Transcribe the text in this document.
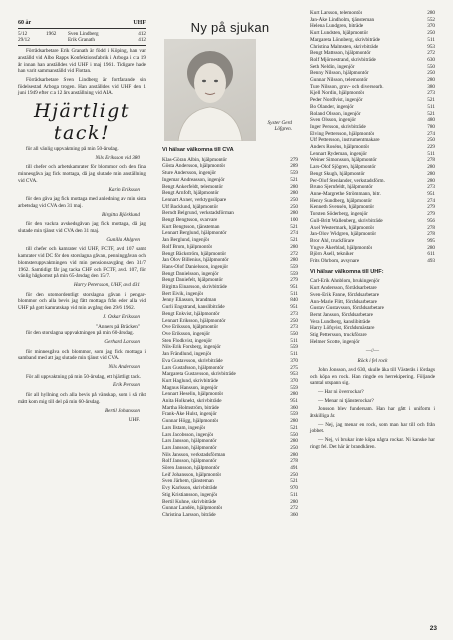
60 år	UHF
5/12	1962	Sven Lindberg	412
29/12	Erik Granath	412

Förrådsarbetare Erik Granath är född i Köping, han var anställd vid Albo Rapps Konfektionsfabrik i Arboga i c:a 19 år innan han anställdes vid UHF i maj 1961. Tidigare hade han varit sammanställd vid Flottan.

Förrådsarbetare Sven Lindberg är fortfarande sin födelsestad Arboga trogen. Han anställdes vid UHF den 1 juni 1949 efter c:a 12 års anställning vid AIA.

Hjärtligt tack!

för all vänlig uppvaktning på min 50-årsdag.

Nils Eriksson vid 380

till chefer och arbetskamrater för blommor och den fina minnesgåva jag fick mottaga, då jag slutade min anställning vid CVA.

Karin Eriksson

för den gåva jag fick mottaga med anledning av min sista arbetsdag vid CVA den 31 maj.

Birgitta Björklund

för den vackra avskedsgåvan jag fick mottaga, då jag slutade min tjänst vid CVA den 31 maj.

Gunilla Ahlgren

till chefer och kamrater vid UHF, FCTF, avd 107 samt kamrater vid DC för den storslagna gåvan, penninggåvan och blomsteruppvaktningen vid min pensionsavgång den 31/7 1962. Samtidigt får jag tacka CHF och FCTF, avd. 107, för vänlig hågkomst på min 65-årsdag den 15/7.

Harry Petersson, UHF, avd 431

för den utomordentligt storslagna gåvan i pengar-blommor och alla bevis jag fått mottaga från eder alla vid UHF på gott kamratskap vid min avgång den 29/6 1962.

J. Oskar Eriksson
"Anners på Bräcken"

för den storslagna uppvaktningen på min 60-årsdag.

Gerhard Larsson

för minnesgåva och blommor, som jag fick mottaga i samband med att jag slutade min tjänst vid CVA.

Nils Andersson

För all uppvaktning på min 50-årsdag, ett hjärtligt tack.

Erik Persson

för all hyllning och alla bevis på vänskap, som i så rikt mått kom mig till del på min 60-årsdag.

Bertil Johansson
UHF.
Ny på sjukan
Syster Gerd
Löfgren.
Vi hälsar välkomna till CVA
Klas-Göran Albin, hjälpmontör	279
Gösta Andersson, hjälpmontör	289
Sture Andersson, ingenjör	559
Ingemar Andreasson, ingenjör	521
Bengt Ankerfeldt, telemontör	280
Bengt Arnfoft, hjälpmontör	280
Lennart Axner, verktygsslipare	250
Ulf Backlund, hjälpmontör	250
Berndt Belgrund, verkstadsförman	280
Bengt Bengtsson, svarvare	100
Kurt Bengtsson, tjänsteman	521
Lennart Berglund, hjälpmontör	274
Jan Berglund, ingenjör	521
Rolf Brom, hjälpmontör	280
Bengt Bäckström, hjälpmontör	272
Jan Olov Billenius, hjälpmontör	280
Hans-Olof Danielsson, ingenjör	559
Bengt Danielsson, ingenjör	559
Bengt Daniefelt, hjälpmontör	279
Birgitta Einarsson, skrivbiträde	951
Bert Eivik, ingenjör	511
Jenny Eliasson, brandman	840
Gurli Engstrand, kanslibiträde	951
Bengt Enkvist, hjälpmontör	273
Lennart Eriksson, hjälpmontör	250
Ove Eriksson, hjälpmontör	273
Ove Eriksson, ingenjör	550
Sten Flodkvist, ingenjör	511
Nils-Erik Forsberg, ingenjör	559
Jan Frändlund, ingenjör	511
Eva Gustavsson, skrivbiträde	370
Lars Gustafsson, hjälpmontör	275
Margareta Gustavsson, skrivbiträde	953
Kurt Haglund, skrivbiträde	370
Magnus Hansson, ingenjör	559
Lennart Heselin, hjälpmontör	280
Anita Holknekt, skrivbiträde	951
Martha Holmström, biträde	360
Frank-Åke Hulst, ingenjör	559
Gunnar Högg, hjälpmontör	280
Lars Ilstam, ingenjör	521
Lars Jacobsson, ingenjör	550
Lars Jansson, hjälpmontör	280
Lars Jansson, hjälpmontör	250
Nils Jansson, verkstadsförman	280
Rolf Jansson, hjälpmontör	278
Sören Jansson, hjälpmontör	491
Leif Johansson, hjälpmontör	250
Sven Järhem, tjänsteman	521
Evy Karlsson, skrivbiträde	970
Stig Kristiansson, ingenjör	511
Bertil Kuhne, skrivbiträde	280
Gunnar Landén, hjälpmontör	272
Christina Larsson, biträde	360
Kurt Larsson, telemontör	280
Jan-Åke Lindholm, tjänsteman	552
Helena Lundgren, biträde	370
Kurt Lundsten, hjälpmontör	250
Margareta Lönnberg, skrivbiträde	511
Christina Malmsten, skrivbiträde	953
Bengt Mattsson, hjälpmontör	272
Rolf Mjörnestrand, skrivbiträde	630
Seth Neldin, ingenjör	550
Benny Nilsson, hjälpmontör	250
Gunnar Nilsson, telemontör	280
Ture Nilsson, gruv- och diversearb.	380
Kjell Nordin, hjälpmontör	273
Peder Nordlvist, ingenjör	521
Bo Olander, ingenjör	511
Roland Olsson, ingenjör	521
Sven Olsson, ingenjör	480
Inger Persson, skrivbiträde	780
Elving Pettersson, hjälpmontör	274
Ulf Pettersson, instrumentmakare	250
Anders Roséns, hjälpmontör	229
Lennart Rydeman, ingenjör	511
Weiner Simonsson, hjälpmontör	278
Lars-Olof Sjögren, hjälpmontör	280
Bengt Skugh, hjälpmontör	280
Per-Olof Stenlander, verkstadsförm.	280
Bruno Sjernfeldt, hjälpmontör	273
Anne-Margrethe Strömmann, bitr.	951
Henry Sundberg, hjälpmontör	274
Kenneth Svensén, hjälpmontör	279
Torsten Söderberg, ingenjör	279
Gull-Britt Wallenberg, skrivbiträde	956
Axel Westermark, hjälpmontör	278
Jan-Olov Widgren, hjälpmontör	278
Bror Åhl, truckförare	995
Yngve Åkerblad, hjälpmontör	280
Björn Åsell, tekniker	611
Frits Öhrbom, avsynare	493
Vi hälsar välkomna till UHF:
Carl-Erik Ahnblom, brukingenjör
Kurt Andersson, förrådsarbetare
Sven-Erik Fanne, förrådsarbetare
Ann-Marie Flitt, förrådsarbetare
Gustav Gustavsson, förrådsarbetare
Bernt Jansson, förrådsarbetare
Vera Lundberg, kanslibiträde
Harry Löfqvist, förrådsmästare
Stig Pettersson, truckförare
Helmer Scotte, ingenjör
—//—
Röck i fel rock

John Jonsson, avd 630, skulle åka till Västerås i lördags och köpa en rock. Han ringde en herrekipering. Följande samtal utspann sig.

— Har ni överrockar?

— Menar ni tjänsterockar?

Jonsson blev fundersam. Han har gått i uniform i åtskilliga år.

— Nej, jag menar en rock, som man har till och från jobbet.

— Nej, vi brukar inte köpa några rockar. Ni kanske har ringt fel. Det här är brandkåren.

23
